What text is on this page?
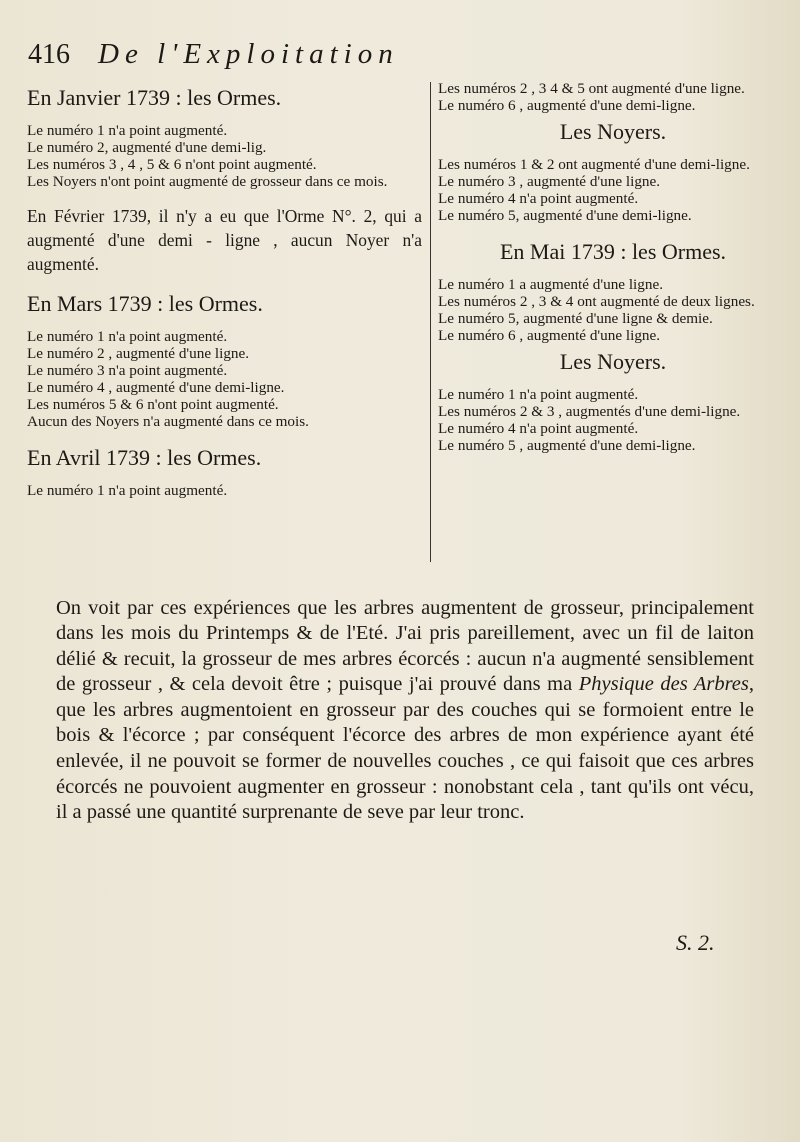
416 De l'Exploitation
En Janvier 1739 : les Ormes.

Le numéro 1 n'a point augmenté.

Le numéro 2, augmenté d'une demi-lig.

Les numéros 3 , 4 , 5 & 6 n'ont point augmenté.

Les Noyers n'ont point augmenté de grosseur dans ce mois.

En Février 1739, il n'y a eu que l'Orme N°. 2, qui a augmenté d'une demi - ligne , aucun Noyer n'a augmenté.

En Mars 1739 : les Ormes.

Le numéro 1 n'a point augmenté.

Le numéro 2 , augmenté d'une ligne.

Le numéro 3 n'a point augmenté.

Le numéro 4 , augmenté d'une demi-ligne.

Les numéros 5 & 6 n'ont point augmenté.

Aucun des Noyers n'a augmenté dans ce mois.

En Avril 1739 : les Ormes.

Le numéro 1 n'a point augmenté.

Les numéros 2 , 3 4 & 5 ont augmenté d'une ligne.

Le numéro 6 , augmenté d'une demi-ligne.

Les Noyers.

Les numéros 1 & 2 ont augmenté d'une demi-ligne.

Le numéro 3 , augmenté d'une ligne.

Le numéro 4 n'a point augmenté.

Le numéro 5, augmenté d'une demi-ligne.

En Mai 1739 : les Ormes.

Le numéro 1 a augmenté d'une ligne.

Les numéros 2 , 3 & 4 ont augmenté de deux lignes.

Le numéro 5, augmenté d'une ligne & demie.

Le numéro 6 , augmenté d'une ligne.

Les Noyers.

Le numéro 1 n'a point augmenté.

Les numéros 2 & 3 , augmentés d'une demi-ligne.

Le numéro 4 n'a point augmenté.

Le numéro 5 , augmenté d'une demi-ligne.

On voit par ces expériences que les arbres augmentent de grosseur, principalement dans les mois du Printemps & de l'Eté. J'ai pris pareillement, avec un fil de laiton délié & recuit, la grosseur de mes arbres écorcés : aucun n'a augmenté sensiblement de grosseur , & cela devoit être ; puisque j'ai prouvé dans ma Physique des Arbres, que les arbres augmentoient en grosseur par des couches qui se formoient entre le bois & l'écorce ; par conséquent l'écorce des arbres de mon expérience ayant été enlevée, il ne pouvoit se former de nouvelles couches , ce qui faisoit que ces arbres écorcés ne pouvoient augmenter en grosseur : nonobstant cela , tant qu'ils ont vécu, il a passé une quantité surprenante de seve par leur tronc.

S. 2.
